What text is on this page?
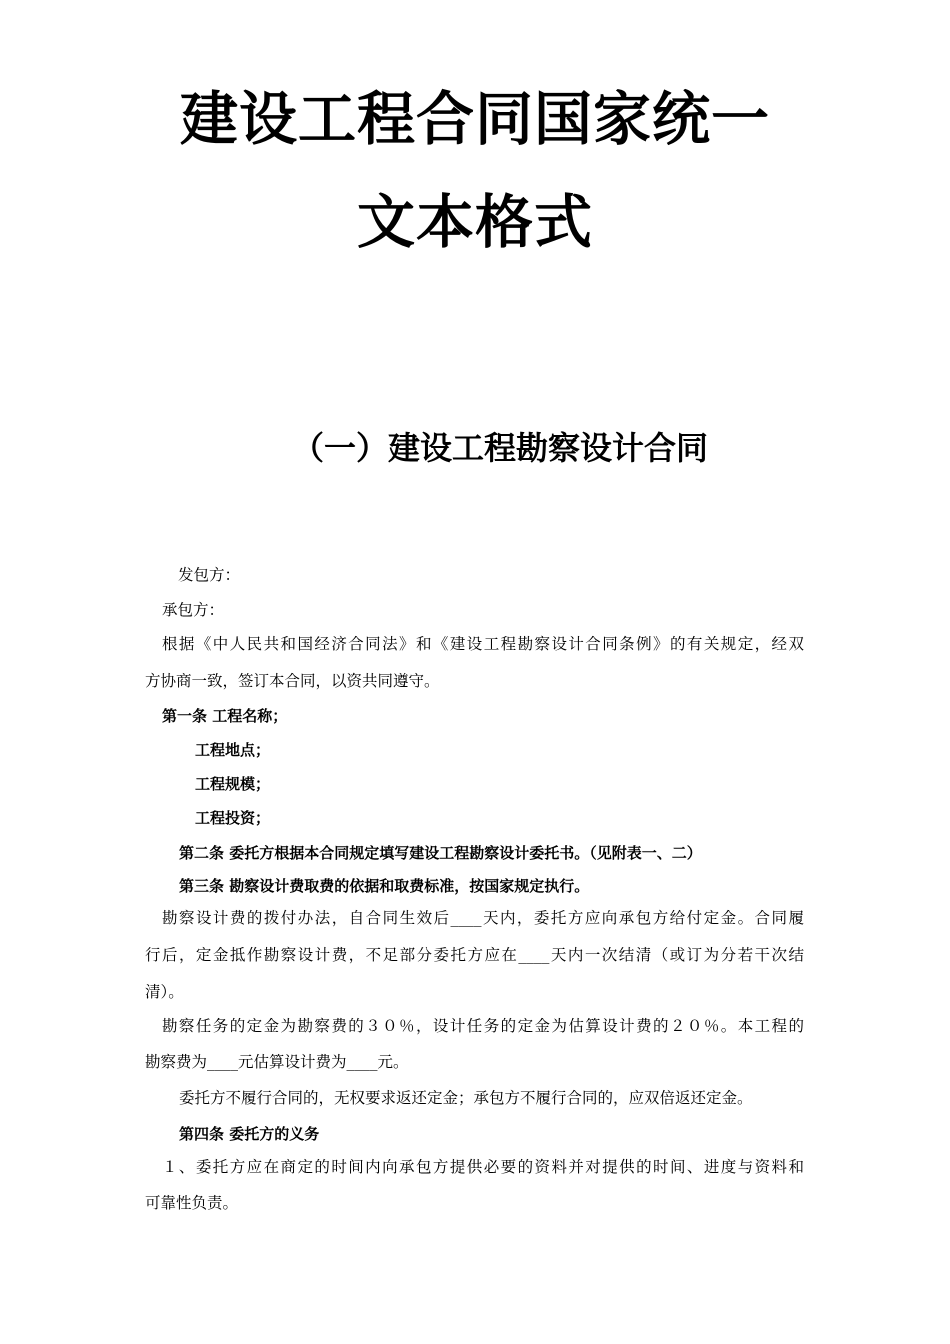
建设工程合同国家统一
文本格式
（一）建设工程勘察设计合同
发包方：
承包方：
根据《中人民共和国经济合同法》和《建设工程勘察设计合同条例》的有关规定，经双
方协商一致，签订本合同，以资共同遵守。
第一条 工程名称；
工程地点；
工程规模；
工程投资；
第二条 委托方根据本合同规定填写建设工程勘察设计委托书。（见附表一、二）
第三条 勘察设计费取费的依据和取费标准，按国家规定执行。
勘察设计费的拨付办法，自合同生效后____天内，委托方应向承包方给付定金。合同履
行后，定金抵作勘察设计费，不足部分委托方应在____天内一次结清（或订为分若干次结
清）。
勘察任务的定金为勘察费的３０％，设计任务的定金为估算设计费的２０％。本工程的
勘察费为____元估算设计费为____元。
委托方不履行合同的，无权要求返还定金；承包方不履行合同的，应双倍返还定金。
第四条 委托方的义务
１、委托方应在商定的时间内向承包方提供必要的资料并对提供的时间、进度与资料和
可靠性负责。
